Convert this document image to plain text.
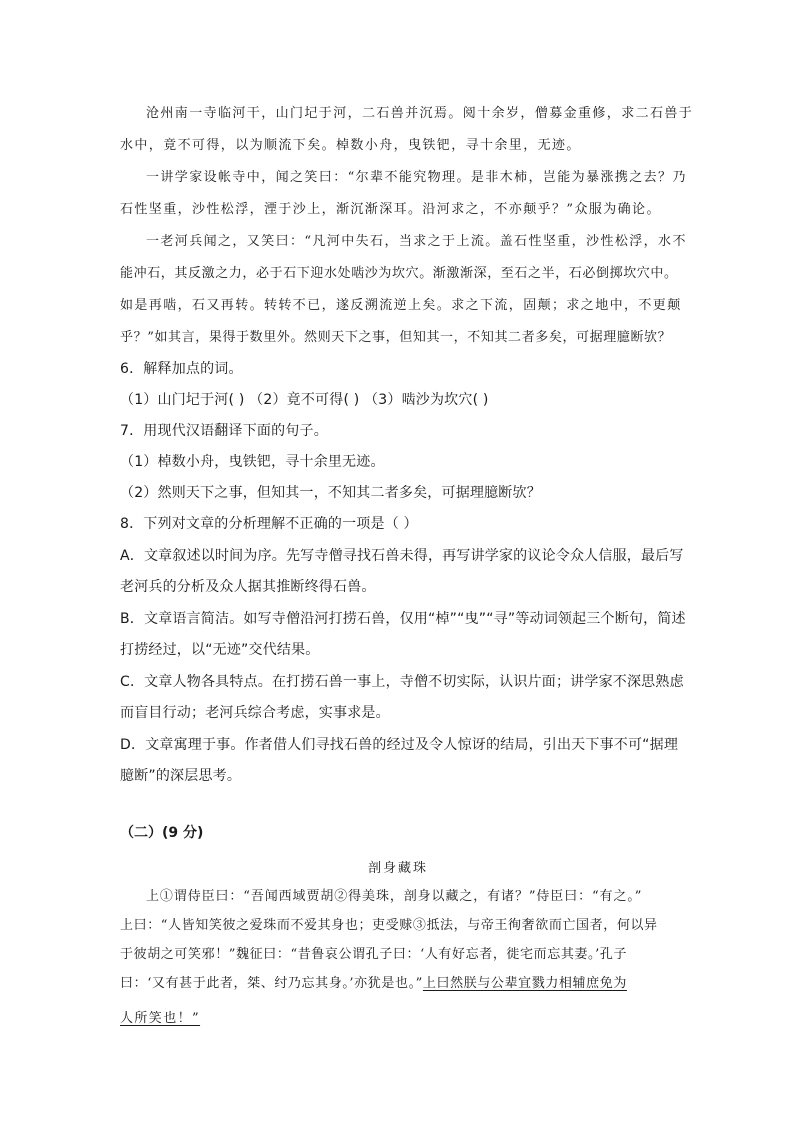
沧州南一寺临河干，山门圮于河，二石兽并沉焉。阅十余岁，僧募金重修，求二石兽于
水中，竟不可得，以为顺流下矣。棹数小舟，曳铁钯，寻十余里，无迹。
一讲学家设帐寺中，闻之笑曰：“尔辈不能究物理。是非木柿，岂能为暴涨携之去？乃
石性坚重，沙性松浮，湮于沙上，渐沉渐深耳。沿河求之，不亦颠乎？”众服为确论。
一老河兵闻之，又笑曰：“凡河中失石，当求之于上流。盖石性坚重，沙性松浮，水不
能冲石，其反激之力，必于石下迎水处啮沙为坎穴。渐激渐深，至石之半，石必倒掷坎穴中。
如是再啮，石又再转。转转不已，遂反溯流逆上矣。求之下流，固颠；求之地中，不更颠
乎？”如其言，果得于数里外。然则天下之事，但知其一，不知其二者多矣，可据理臆断欤？
6．解释加点的词。
（1）山门圮于河( ) （2）竟不可得( ) （3）啮沙为坎穴( )
7．用现代汉语翻译下面的句子。
（1）棹数小舟，曳铁钯，寻十余里无迹。
（2）然则天下之事，但知其一，不知其二者多矣，可据理臆断欤？
8．下列对文章的分析理解不正确的一项是（ ）
A．文章叙述以时间为序。先写寺僧寻找石兽未得，再写讲学家的议论令众人信服，最后写
老河兵的分析及众人据其推断终得石兽。
B．文章语言简洁。如写寺僧沿河打捞石兽，仅用“棹”“曳”“寻”等动词领起三个断句，简述
打捞经过，以“无迹”交代结果。
C．文章人物各具特点。在打捞石兽一事上，寺僧不切实际，认识片面；讲学家不深思熟虑
而盲目行动；老河兵综合考虑，实事求是。
D．文章寓理于事。作者借人们寻找石兽的经过及令人惊讶的结局，引出天下事不可“据理
臆断”的深层思考。
（二）(9 分)
剖身藏珠
上①谓侍臣曰：“吾闻西域贾胡②得美珠，剖身以藏之，有诸？”侍臣曰：“有之。”
上曰：“人皆知笑彼之爱珠而不爱其身也；吏受赇③抵法，与帝王徇奢欲而亡国者，何以异
于彼胡之可笑邪！”魏征曰：“昔鲁哀公谓孔子曰：‘人有好忘者，徙宅而忘其妻。’孔子
曰：‘又有甚于此者，桀、纣乃忘其身。’亦犹是也。”上曰然朕与公辈宜戮力相辅庶免为
人所笑也！”
